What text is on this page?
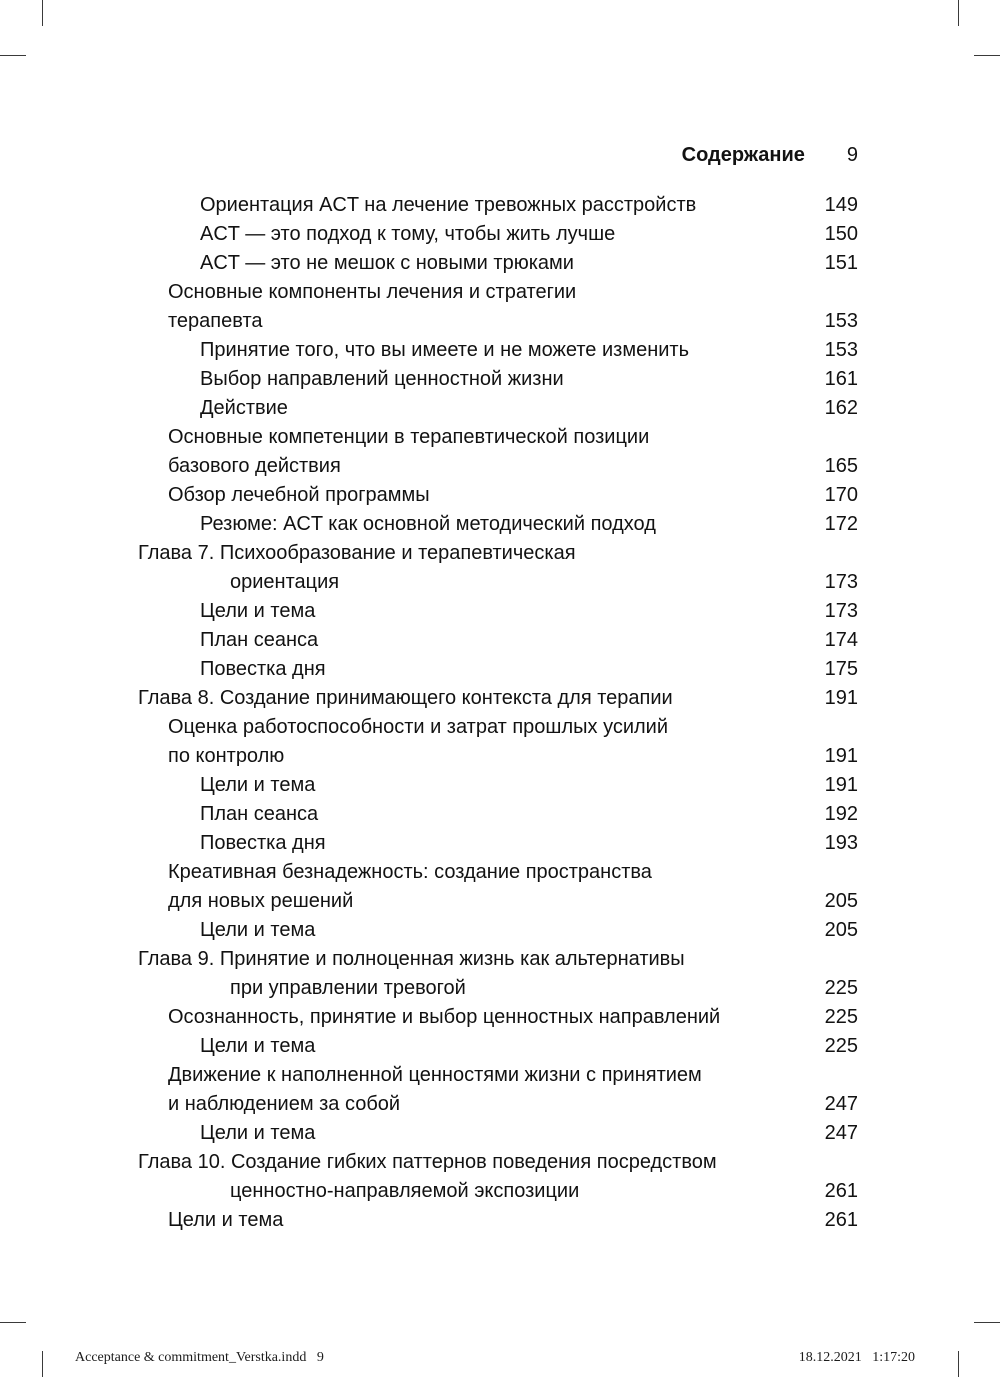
Содержание 9
Ориентация ACT на лечение тревожных расстройств	149
ACT — это подход к тому, чтобы жить лучше	150
ACT — это не мешок с новыми трюками	151
Основные компоненты лечения и стратегии
терапевта	153
Принятие того, что вы имеете и не можете изменить	153
Выбор направлений ценностной жизни	161
Действие	162
Основные компетенции в терапевтической позиции
базового действия	165
Обзор лечебной программы	170
Резюме: ACT как основной методический подход	172
Глава 7. Психообразование и терапевтическая
ориентация	173
Цели и тема	173
План сеанса	174
Повестка дня	175
Глава 8. Создание принимающего контекста для терапии	191
Оценка работоспособности и затрат прошлых усилий
по контролю	191
Цели и тема	191
План сеанса	192
Повестка дня	193
Креативная безнадежность: создание пространства
для новых решений	205
Цели и тема	205
Глава 9. Принятие и полноценная жизнь как альтернативы
при управлении тревогой	225
Осознанность, принятие и выбор ценностных направлений	225
Цели и тема	225
Движение к наполненной ценностями жизни с принятием
и наблюдением за собой	247
Цели и тема	247
Глава 10. Создание гибких паттернов поведения посредством
ценностно-направляемой экспозиции	261
Цели и тема	261
Acceptance & commitment_Verstka.indd   9	18.12.2021   1:17:20
